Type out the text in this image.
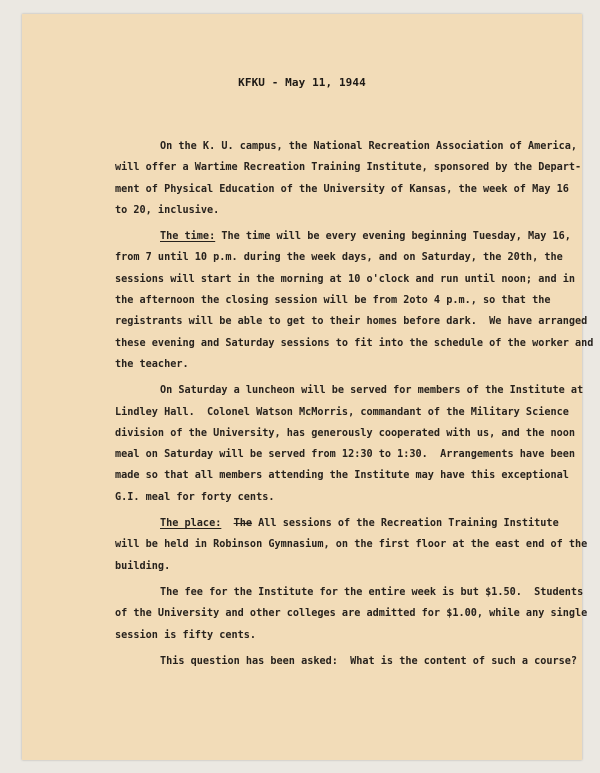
KFKU - May 11, 1944
On the K. U. campus, the National Recreation Association of America,
will offer a Wartime Recreation Training Institute, sponsored by the Depart-
ment of Physical Education of the University of Kansas, the week of May 16
to 20, inclusive.
The time: The time will be every evening beginning Tuesday, May 16,
from 7 until 10 p.m. during the week days, and on Saturday, the 20th, the
sessions will start in the morning at 10 o'clock and run until noon; and in
the afternoon the closing session will be from 2oto 4 p.m., so that the
registrants will be able to get to their homes before dark.  We have arranged
these evening and Saturday sessions to fit into the schedule of the worker and
the teacher.
On Saturday a luncheon will be served for members of the Institute at
Lindley Hall.  Colonel Watson McMorris, commandant of the Military Science
division of the University, has generously cooperated with us, and the noon
meal on Saturday will be served from 12:30 to 1:30.  Arrangements have been
made so that all members attending the Institute may have this exceptional
G.I. meal for forty cents.
The place: The All sessions of the Recreation Training Institute
will be held in Robinson Gymnasium, on the first floor at the east end of the
building.
The fee for the Institute for the entire week is but $1.50.  Students
of the University and other colleges are admitted for $1.00, while any single
session is fifty cents.
This question has been asked:  What is the content of such a course?
